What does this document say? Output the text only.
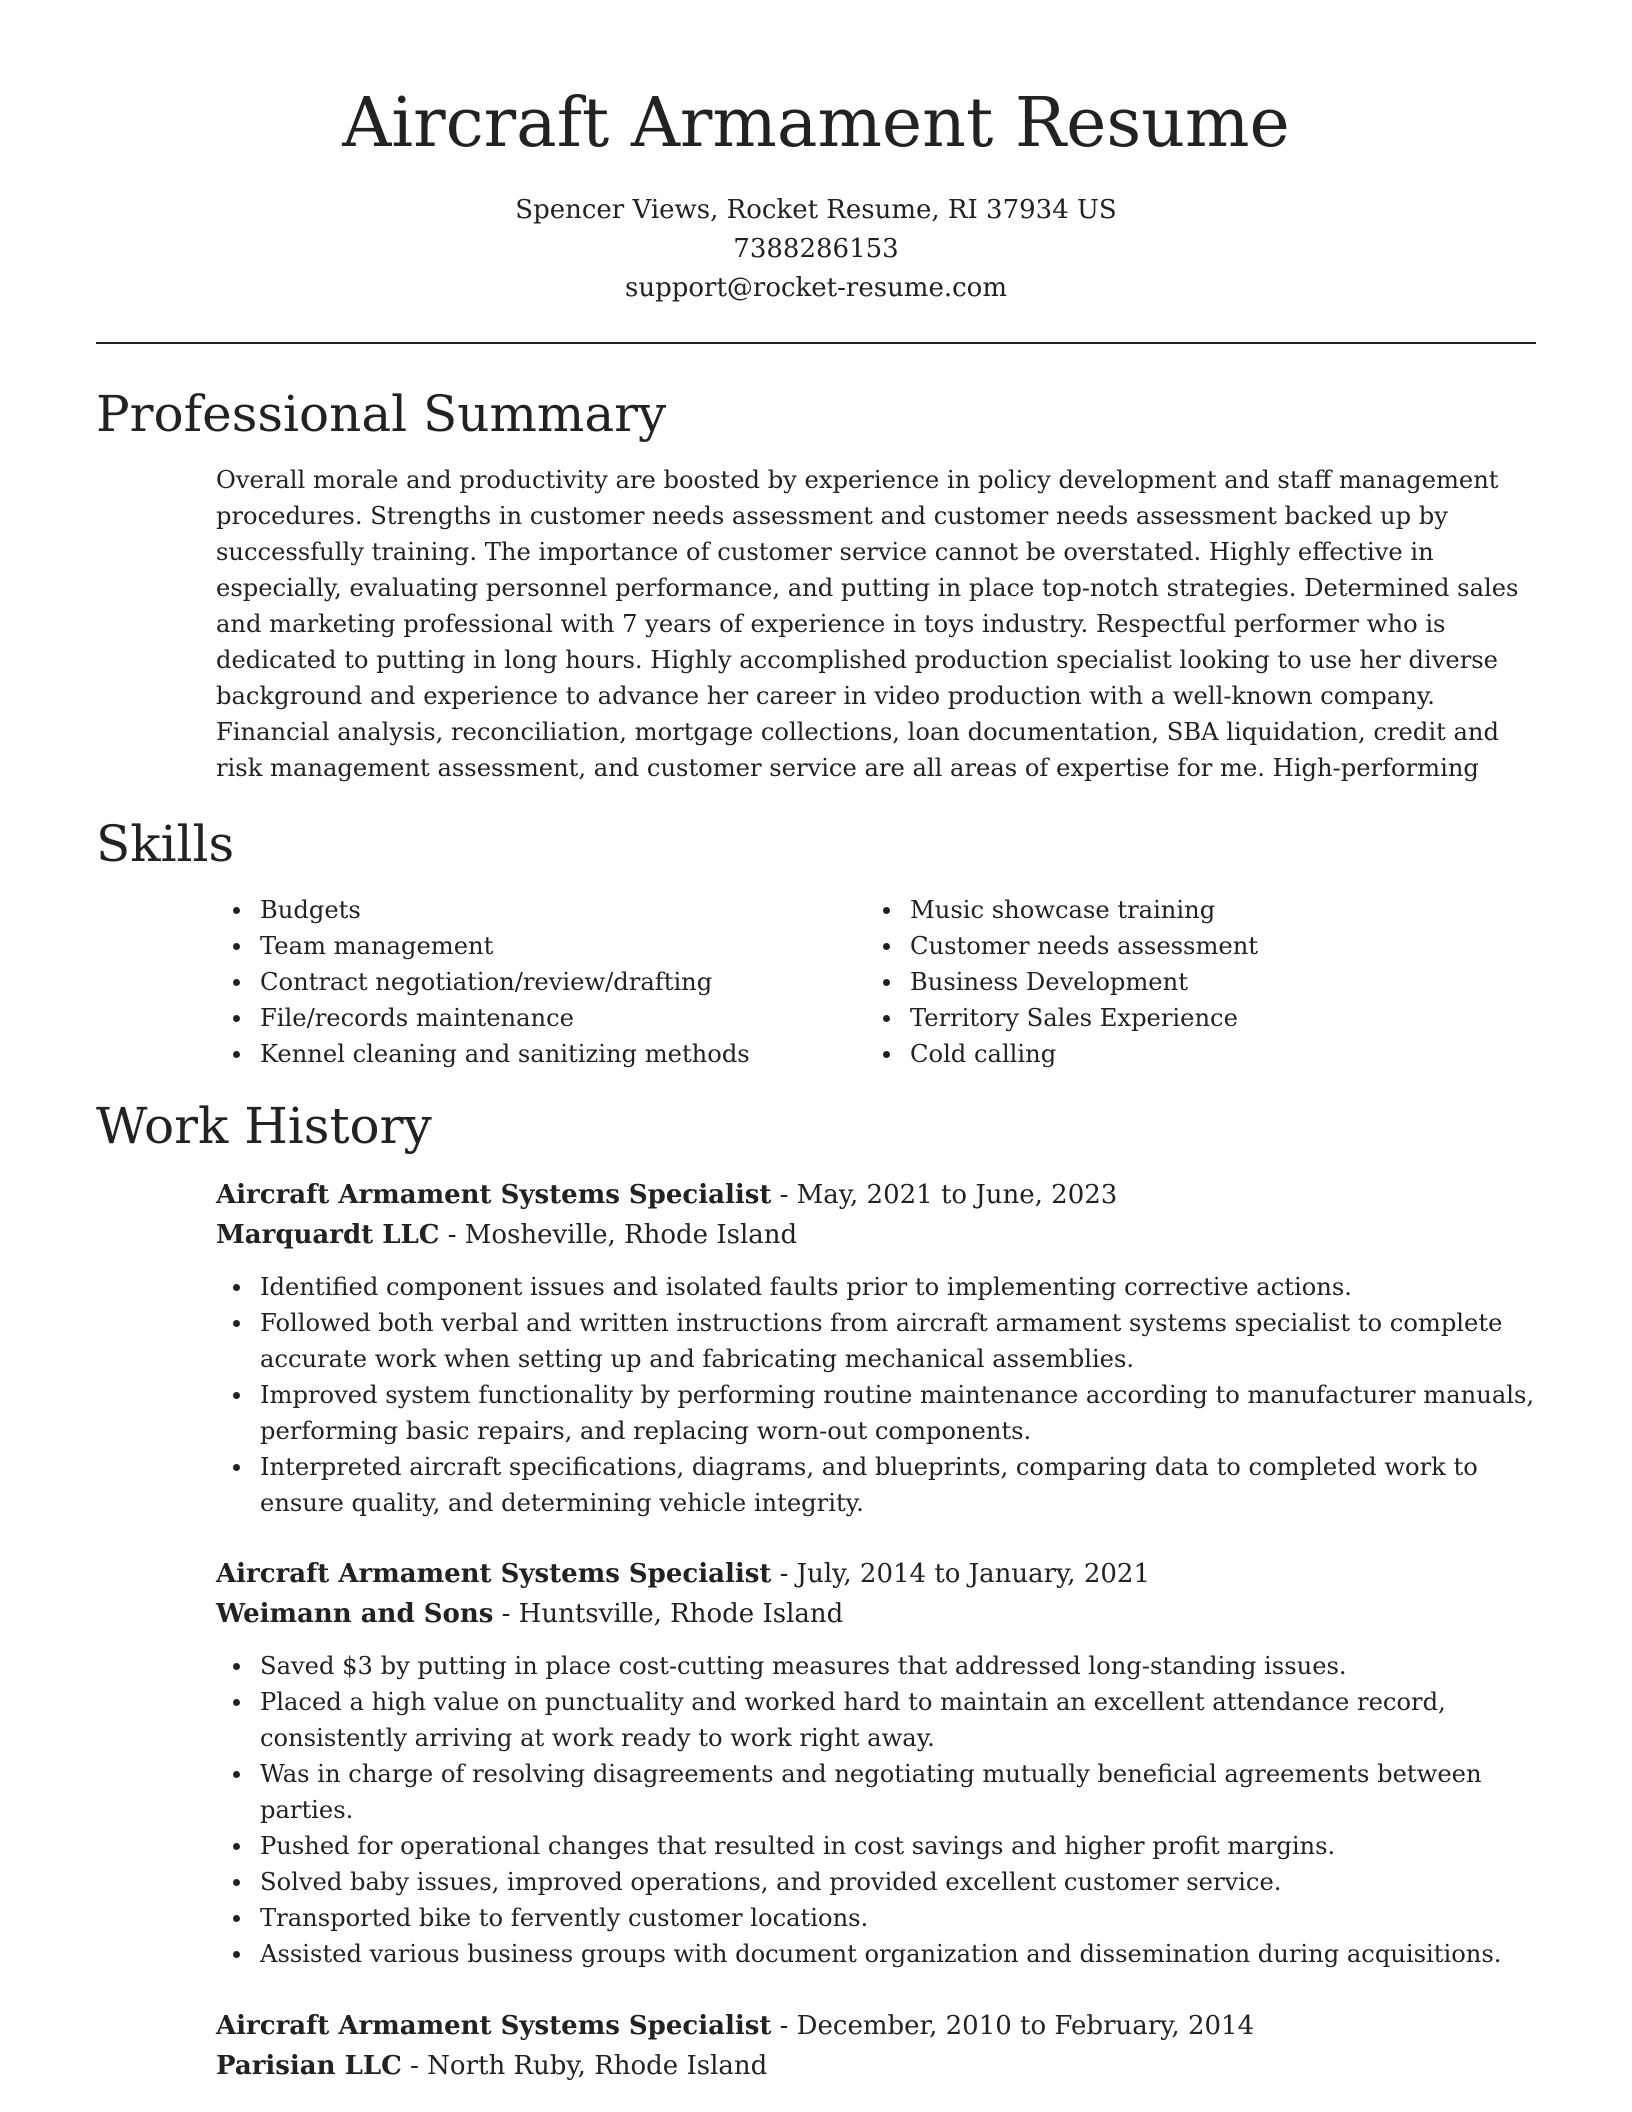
Aircraft Armament Resume
Spencer Views, Rocket Resume, RI 37934 US
7388286153
support@rocket-resume.com
Professional Summary

Overall morale and productivity are boosted by experience in policy development and staff management procedures. Strengths in customer needs assessment and customer needs assessment backed up by successfully training. The importance of customer service cannot be overstated. Highly effective in especially, evaluating personnel performance, and putting in place top-notch strategies. Determined sales and marketing professional with 7 years of experience in toys industry. Respectful performer who is dedicated to putting in long hours. Highly accomplished production specialist looking to use her diverse background and experience to advance her career in video production with a well-known company. Financial analysis, reconciliation, mortgage collections, loan documentation, SBA liquidation, credit and risk management assessment, and customer service are all areas of expertise for me. High-performing

Skills
Budgets
Team management
Contract negotiation/review/drafting
File/records maintenance
Kennel cleaning and sanitizing methods
Music showcase training
Customer needs assessment
Business Development
Territory Sales Experience
Cold calling
Work History
Aircraft Armament Systems Specialist - May, 2021 to June, 2023
Marquardt LLC - Mosheville, Rhode Island
Identified component issues and isolated faults prior to implementing corrective actions.
Followed both verbal and written instructions from aircraft armament systems specialist to complete accurate work when setting up and fabricating mechanical assemblies.
Improved system functionality by performing routine maintenance according to manufacturer manuals, performing basic repairs, and replacing worn-out components.
Interpreted aircraft specifications, diagrams, and blueprints, comparing data to completed work to ensure quality, and determining vehicle integrity.
Aircraft Armament Systems Specialist - July, 2014 to January, 2021
Weimann and Sons - Huntsville, Rhode Island
Saved $3 by putting in place cost-cutting measures that addressed long-standing issues.
Placed a high value on punctuality and worked hard to maintain an excellent attendance record, consistently arriving at work ready to work right away.
Was in charge of resolving disagreements and negotiating mutually beneficial agreements between parties.
Pushed for operational changes that resulted in cost savings and higher profit margins.
Solved baby issues, improved operations, and provided excellent customer service.
Transported bike to fervently customer locations.
Assisted various business groups with document organization and dissemination during acquisitions.
Aircraft Armament Systems Specialist - December, 2010 to February, 2014
Parisian LLC - North Ruby, Rhode Island
